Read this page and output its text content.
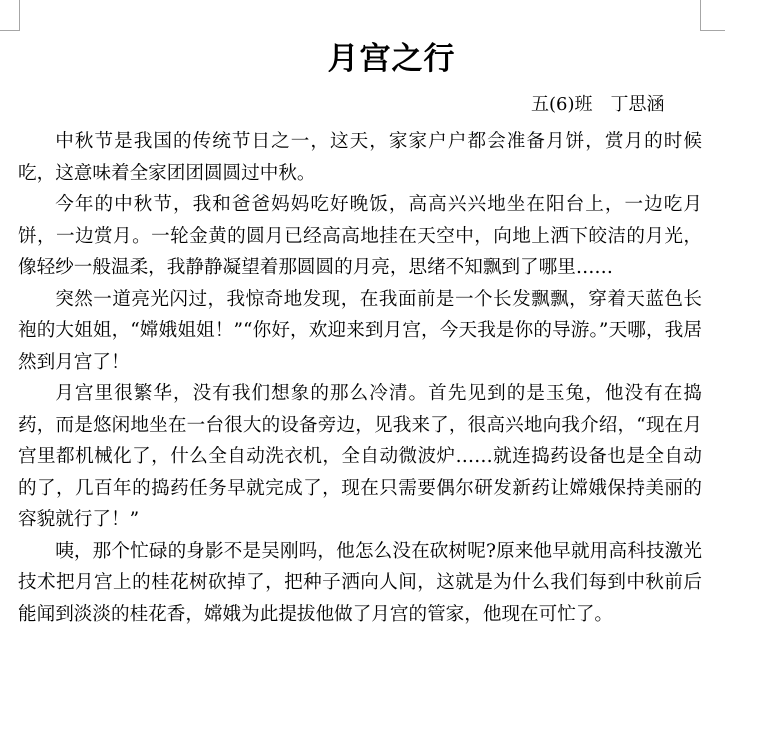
月宫之行
五(6)班　丁思涵

中秋节是我国的传统节日之一，这天，家家户户都会准备月饼，赏月的时候吃，这意味着全家团团圆圆过中秋。

今年的中秋节，我和爸爸妈妈吃好晚饭，高高兴兴地坐在阳台上，一边吃月饼，一边赏月。一轮金黄的圆月已经高高地挂在天空中，向地上洒下皎洁的月光，像轻纱一般温柔，我静静凝望着那圆圆的月亮，思绪不知飘到了哪里……

突然一道亮光闪过，我惊奇地发现，在我面前是一个长发飘飘，穿着天蓝色长袍的大姐姐，“嫦娥姐姐！”“你好，欢迎来到月宫，今天我是你的导游。”天哪，我居然到月宫了！

月宫里很繁华，没有我们想象的那么冷清。首先见到的是玉兔，他没有在捣药，而是悠闲地坐在一台很大的设备旁边，见我来了，很高兴地向我介绍，“现在月宫里都机械化了，什么全自动洗衣机，全自动微波炉……就连捣药设备也是全自动的了，几百年的捣药任务早就完成了，现在只需要偶尔研发新药让嫦娥保持美丽的容貌就行了！”

咦，那个忙碌的身影不是吴刚吗，他怎么没在砍树呢?原来他早就用高科技激光技术把月宫上的桂花树砍掉了，把种子洒向人间，这就是为什么我们每到中秋前后能闻到淡淡的桂花香，嫦娥为此提拔他做了月宫的管家，他现在可忙了。
